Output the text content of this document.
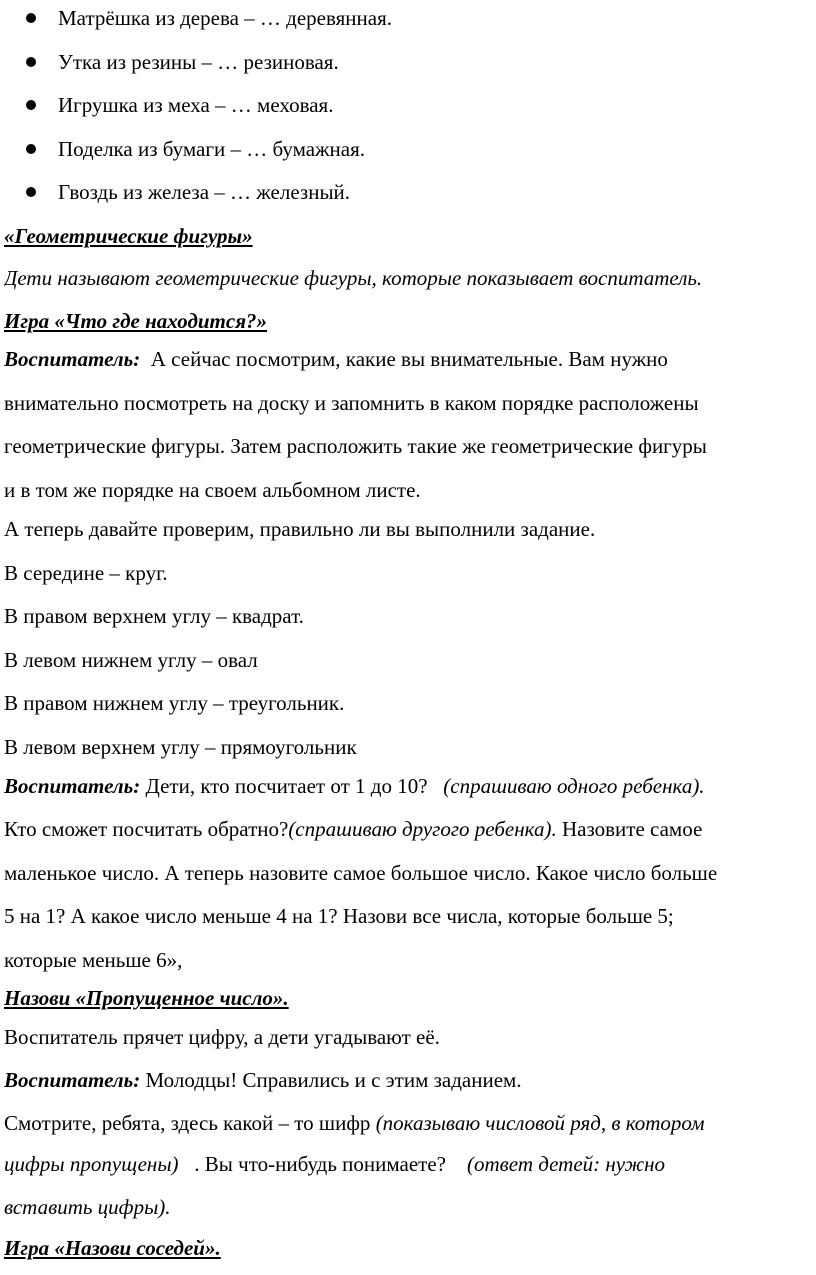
Матрёшка из дерева – … деревянная.
Утка из резины – … резиновая.
Игрушка из меха – … меховая.
Поделка из бумаги – … бумажная.
Гвоздь из железа – … железный.
«Геометрические фигуры»
Дети называют геометрические фигуры, которые показывает воспитатель.
Игра «Что где находится?»
Воспитатель: А сейчас посмотрим, какие вы внимательные. Вам нужно
внимательно посмотреть на доску и запомнить в каком порядке расположены
геометрические фигуры. Затем расположить такие же геометрические фигуры
и в том же порядке на своем альбомном листе.
А теперь давайте проверим, правильно ли вы выполнили задание.
В середине – круг.
В правом верхнем углу – квадрат.
В левом нижнем углу – овал
В правом нижнем углу – треугольник.
В левом верхнем углу – прямоугольник
Воспитатель: Дети, кто посчитает от 1 до 10? (спрашиваю одного ребенка).
Кто сможет посчитать обратно?(спрашиваю другого ребенка). Назовите самое
маленькое число. А теперь назовите самое большое число. Какое число больше
5 на 1? А какое число меньше 4 на 1? Назови все числа, которые больше 5;
которые меньше 6»,
Назови «Пропущенное число».
Воспитатель прячет цифру, а дети угадывают её.
Воспитатель: Молодцы! Справились и с этим заданием.
Смотрите, ребята, здесь какой – то шифр (показываю числовой ряд, в котором
цифры пропущены) . Вы что-нибудь понимаете? (ответ детей: нужно
вставить цифры).
Игра «Назови соседей».
